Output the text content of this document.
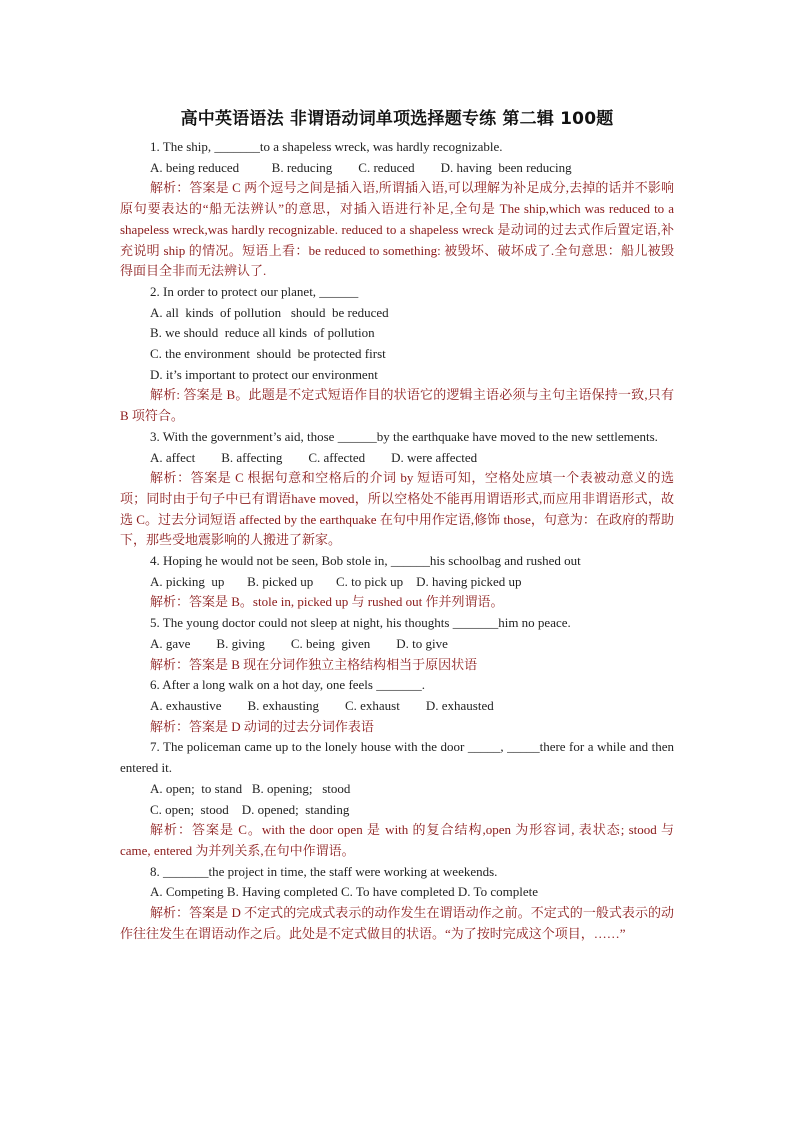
高中英语语法 非谓语动词单项选择题专练 第二辑 100题

1. The ship, _______to a shapeless wreck, was hardly recognizable.

A. being reduced          B. reducing        C. reduced        D. having  been reducing

解析：答案是 C 两个逗号之间是插入语,所谓插入语,可以理解为补足成分,去掉的话并不影响原句要表达的“船无法辨认”的意思，对插入语进行补足,全句是 The ship,which was reduced to a shapeless wreck,was hardly recognizable. reduced to a shapeless wreck 是动词的过去式作后置定语,补充说明 ship 的情况。短语上看：be reduced to something: 被毁坏、破坏成了.全句意思：船儿被毁得面目全非而无法辨认了.

2. In order to protect our planet, ______

A. all  kinds  of pollution   should  be reduced

B. we should  reduce all kinds  of pollution

C. the environment  should  be protected first

D. it’s important to protect our environment

解析: 答案是 B。此题是不定式短语作目的状语它的逻辑主语必须与主句主语保持一致,只有 B 项符合。

3. With the government’s aid, those ______by the earthquake have moved to the new settlements.

A. affect        B. affecting        C. affected        D. were affected

解析：答案是 C 根据句意和空格后的介词 by 短语可知，空格处应填一个表被动意义的选项；同时由于句子中已有谓语have moved，所以空格处不能再用谓语形式,而应用非谓语形式，故选 C。过去分词短语 affected by the earthquake 在句中用作定语,修饰 those，句意为：在政府的帮助下，那些受地震影响的人搬进了新家。

4. Hoping he would not be seen, Bob stole in, ______his schoolbag and rushed out

A. picking  up       B. picked up       C. to pick up    D. having picked up

解析：答案是 B。stole in, picked up 与 rushed out 作并列谓语。

5. The young doctor could not sleep at night, his thoughts _______him no peace.

A. gave        B. giving        C. being  given        D. to give

解析：答案是 B 现在分词作独立主格结构相当于原因状语

6. After a long walk on a hot day, one feels _______.

A. exhaustive        B. exhausting        C. exhaust        D. exhausted

解析：答案是 D 动词的过去分词作表语

7. The policeman came up to the lonely house with the door _____, _____there for a while and then entered it.

A. open;  to stand   B. opening;   stood

C. open;  stood    D. opened;  standing

解析：答案是 C。with the door open 是 with 的复合结构,open 为形容词, 表状态; stood 与 came, entered 为并列关系,在句中作谓语。

8. _______the project in time, the staff were working at weekends.

A. Competing B. Having completed C. To have completed D. To complete

解析：答案是 D 不定式的完成式表示的动作发生在谓语动作之前。不定式的一般式表示的动作往往发生在谓语动作之后。此处是不定式做目的状语。“为了按时完成这个项目，……”
